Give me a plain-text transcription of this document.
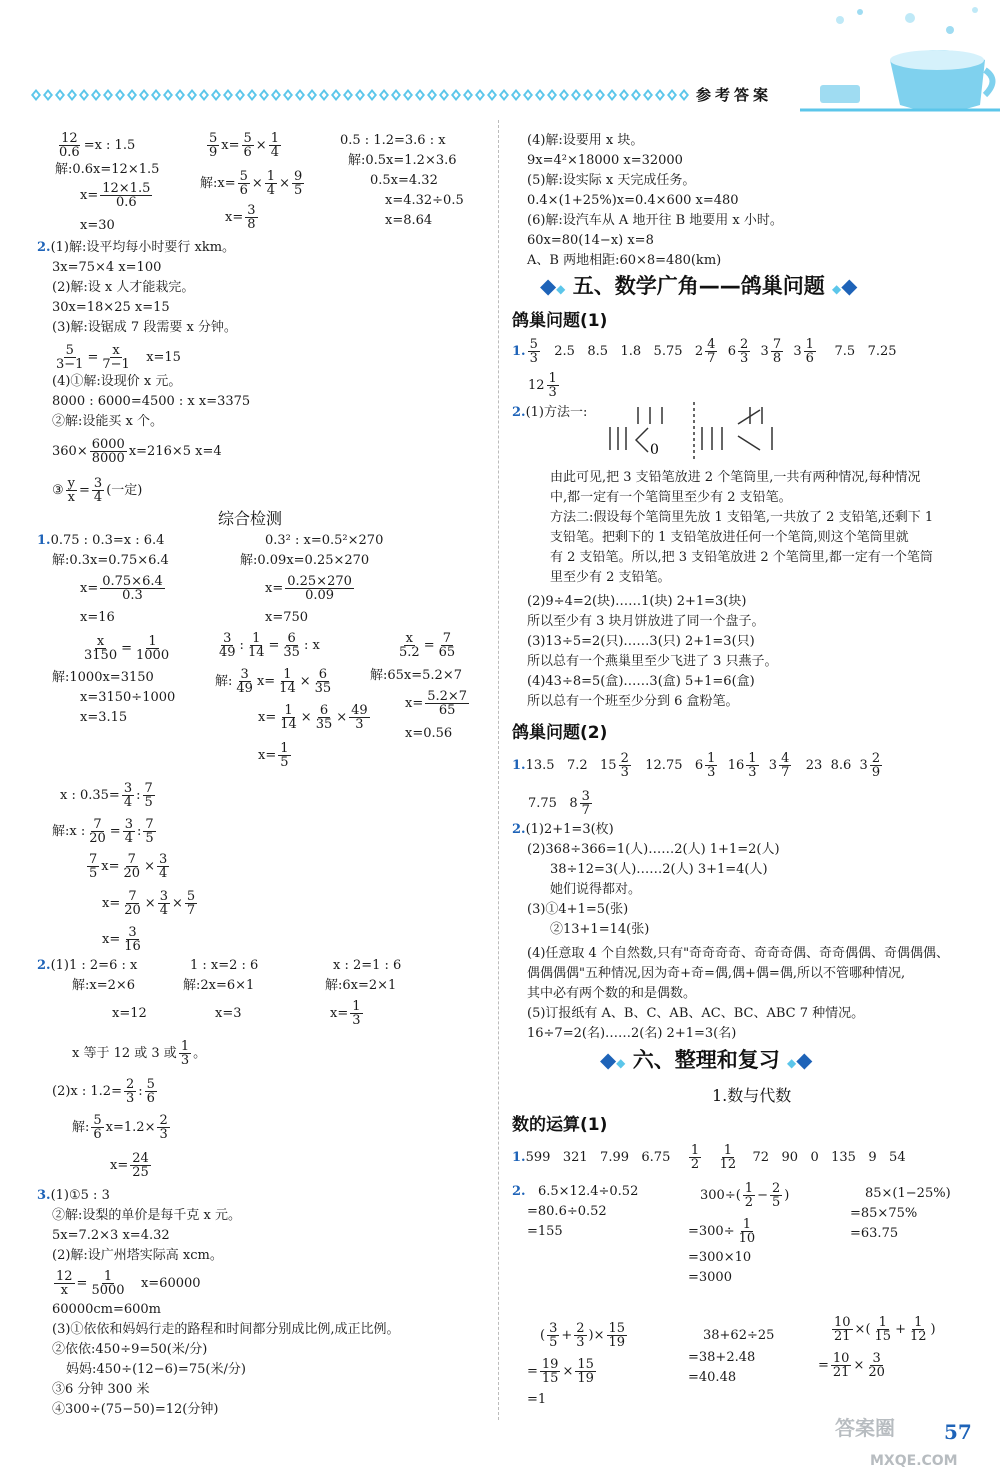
参考答案
$\frac{12}{0.6} =x$ : 1.5
解:0.6x=12×1.5
$x= \frac{12\times 1.5}{0.6}$
x=30
$\frac{5}{9} x= \frac{5}{6} \times \frac{1}{4}$
解:x= $\frac{5}{6} \times \frac{1}{4} \times \frac{9}{5}$
$x= \frac{3}{8}$
0.5 : 1.2=3.6 : x
解:0.5x=1.2×3.6
0.5x=4.32
x=4.32÷0.5
x=8.64
2.(1)解:设平均每小时要行 xkm。
3x=75×4 x=100
(2)解:设 x 人才能栽完。
30x=18×25 x=15
(3)解:设锯成 7 段需要 x 分钟。
$\frac{5}{3-1} = \frac{x}{7-1} x=15$
(4)①解:设现价 x 元。
8000 : 6000=4500 : x x=3375
②解:设能买 x 个。
$360\times \frac{6000}{8000} x=216\times 5$ x=4
③ $\frac{y}{x} = \frac{3}{4}$ (一定)
综合检测
1.0.75 : 0.3=x : 6.4
解:0.3x=0.75×6.4
$x= \frac{0.75\times 6.4}{0.3}$
x=16
0.3² : x=0.5²×270
解:0.09x=0.25×270
$x= \frac{0.25\times 270}{0.09}$
x=750
$\frac{x}{3150} = \frac{1}{1000}$
解:1000x=3150
x=3150÷1000
x=3.15
$\frac{3}{49}$ : $\frac{1}{14} = \frac{6}{35}$ : x
解: $\frac{3}{49} x= \frac{1}{14} \times \frac{6}{35}$
$x= \frac{1}{14} \times \frac{6}{35} \times \frac{49}{3}$
$x= \frac{1}{5}$
$\frac{x}{5.2} = \frac{7}{65}$
解:65x=5.2×7
$x= \frac{5.2\times 7}{65}$
x=0.56
x : $0.35= \frac{3}{4}$ : $\frac{7}{5}$
解:x : $\frac{7}{20} = \frac{3}{4}$ : $\frac{7}{5}$
$\frac{7}{5} x= \frac{7}{20} \times \frac{3}{4}$
$x= \frac{7}{20} \times \frac{3}{4} \times \frac{5}{7}$
$x= \frac{3}{16}$
2.(1)1 : 2=6 : x
解:x=2×6
x=12
1 : x=2 : 6
解:2x=6×1
x=3
x : 2=1 : 6
解:6x=2×1
$x= \frac{1}{3}$
x 等于 12 或 3 或 $\frac{1}{3}$ 。
(2)x : $1.2= \frac{2}{3}$ : $\frac{5}{6}$
解: $\frac{5}{6} x=1.2\times \frac{2}{3}$
$x= \frac{24}{25}$
3.(1)①5 : 3
②解:设梨的单价是每千克 x 元。
5x=7.2×3 x=4.32
(2)解:设广州塔实际高 xcm。
$\frac{12}{x} = \frac{1}{5000} x=60000$
60000cm=600m
(3)①依依和妈妈行走的路程和时间都分别成比例,成正比例。
②依依:450÷9=50(米/分)
妈妈:450÷(12−6)=75(米/分)
③6 分钟 300 米
④300÷(75−50)=12(分钟)
(4)解:设要用 x 块。
9x=4²×18000 x=32000
(5)解:设实际 x 天完成任务。
0.4×(1+25%)x=0.4×600 x=480
(6)解:设汽车从 A 地开往 B 地要用 x 小时。
60x=80(14−x) x=8
A、B 两地相距:60×8=480(km)
◆◆ 五、数学广角——鸽巢问题 ◆◆
鸽巢问题(1)
1. $\frac{5}{3} 2.5$ 8.5 1.8 5.75   $2 \frac{4}{7} 6 \frac{2}{3} 3 \frac{7}{8} 3 \frac{1}{6} 7.5$ 7.25
$12 \frac{1}{3}$
2.(1)方法一:
0
由此可见,把 3 支铅笔放进 2 个笔筒里,一共有两种情况,每种情况
中,都一定有一个笔筒里至少有 2 支铅笔。
方法二:假设每个笔筒里先放 1 支铅笔,一共放了 2 支铅笔,还剩下 1
支铅笔。把剩下的 1 支铅笔放进任何一个笔筒,则这个笔筒里就
有 2 支铅笔。所以,把 3 支铅笔放进 2 个笔筒里,都一定有一个笔筒
里至少有 2 支铅笔。
(2)9÷4=2(块)……1(块) 2+1=3(块)
所以至少有 3 块月饼放进了同一个盘子。
(3)13÷5=2(只)……3(只) 2+1=3(只)
所以总有一个燕巢里至少飞进了 3 只燕子。
(4)43÷8=5(盒)……3(盒) 5+1=6(盒)
所以总有一个班至少分到 6 盒粉笔。
鸽巢问题(2)
1.13.5 7.2   $15 \frac{2}{3} 12.75$   $6 \frac{1}{3} 16 \frac{1}{3} 3 \frac{4}{7} 23$ 8.6  $3 \frac{2}{9}$
7.75 $8 \frac{3}{7}$
2.(1)2+1=3(枚)
(2)368÷366=1(人)……2(人) 1+1=2(人)
38÷12=3(人)……2(人) 3+1=4(人)
她们说得都对。
(3)①4+1=5(张)
②13+1=14(张)
(4)任意取 4 个自然数,只有"奇奇奇奇、奇奇奇偶、奇奇偶偶、奇偶偶偶、
偶偶偶偶"五种情况,因为奇+奇=偶,偶+偶=偶,所以不管哪种情况,
其中必有两个数的和是偶数。
(5)订报纸有 A、B、C、AB、AC、BC、ABC 7 种情况。
16÷7=2(名)……2(名) 2+1=3(名)
◆◆ 六、整理和复习 ◆◆
1.数与代数
数的运算(1)
1.599 321 7.99 $6.75 \frac{1}{2}$
$\frac{1}{12} 72$ 90 0 135 9 54
2. 6.5×12.4÷0.52
=80.6÷0.52
=155
$300\div( \frac{1}{2} - \frac{2}{5}$ )
$=300\div \frac{1}{10}$
=300×10
=3000
85×(1−25%)
=85×75%
=63.75
( $\frac{3}{5} + \frac{2}{3}$ )× $\frac{15}{19}$
= $\frac{19}{15} \times \frac{15}{19}$
=1
38+62÷25
=38+2.48
=40.48
$\frac{10}{21}$ ×( $\frac{1}{15} + \frac{1}{12}$ )
= $\frac{10}{21} \times \frac{3}{20}$
答案圈
MXQE.COM
57
